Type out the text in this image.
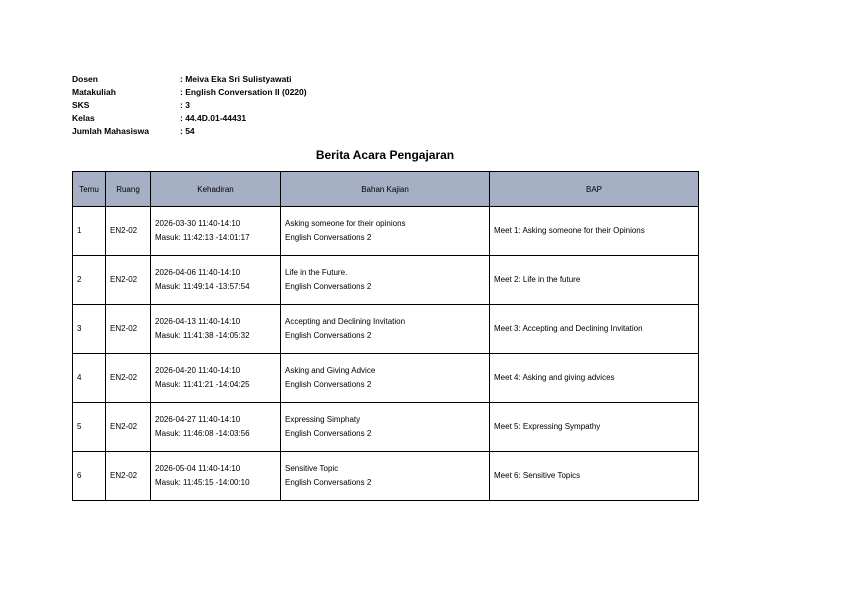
Dosen	: Meiva Eka Sri Sulistyawati
Matakuliah	: English Conversation II (0220)
SKS	: 3
Kelas	: 44.4D.01-44431
Jumlah Mahasiswa	: 54
Berita Acara Pengajaran
Temu	Ruang	Kehadiran	Bahan Kajian	BAP
1	EN2-02	2026-03-30 11:40-14:10
Masuk: 11:42:13 -14:01:17	Asking someone for their opinions
English Conversations 2	Meet 1: Asking someone for their Opinions
2	EN2-02	2026-04-06 11:40-14:10
Masuk: 11:49:14 -13:57:54	Life in the Future.
English Conversations 2	Meet 2: Life in the future
3	EN2-02	2026-04-13 11:40-14:10
Masuk: 11:41:38 -14:05:32	Accepting and Declining Invitation
English Conversations 2	Meet 3: Accepting and Declining Invitation
4	EN2-02	2026-04-20 11:40-14:10
Masuk: 11:41:21 -14:04:25	Asking and Giving Advice
English Conversations 2	Meet 4: Asking and giving advices
5	EN2-02	2026-04-27 11:40-14:10
Masuk: 11:46:08 -14:03:56	Expressing Simphaty
English Conversations 2	Meet 5: Expressing Sympathy
6	EN2-02	2026-05-04 11:40-14:10
Masuk: 11:45:15 -14:00:10	Sensitive Topic
English Conversations 2	Meet 6: Sensitive Topics
